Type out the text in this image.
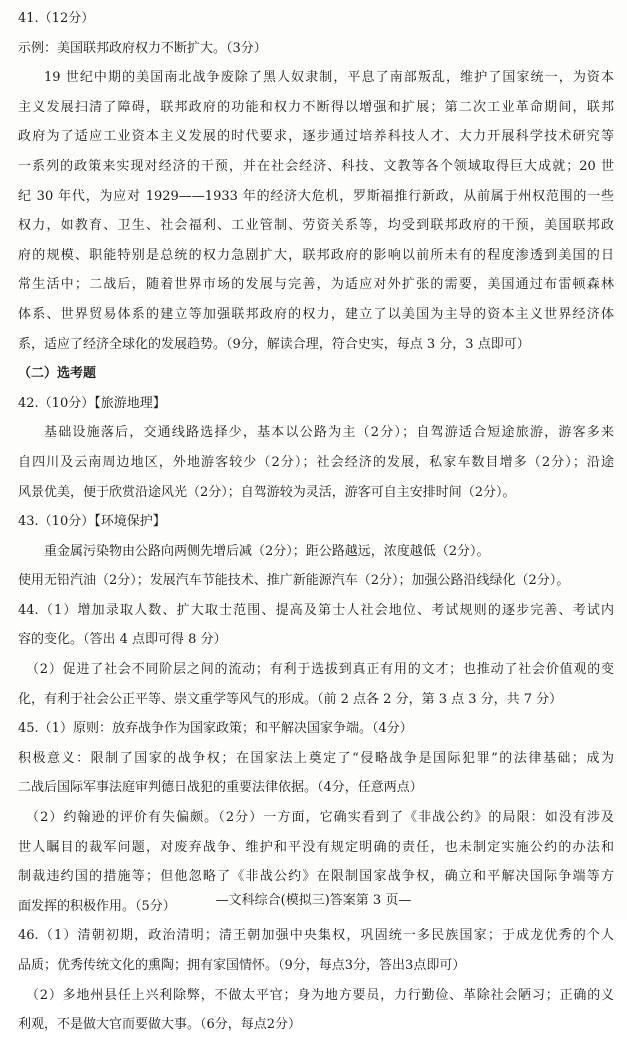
41.（12分）
示例：美国联邦政府权力不断扩大。（3分）
19 世纪中期的美国南北战争废除了黑人奴隶制，平息了南部叛乱，维护了国家统一，为资本
主义发展扫清了障碍，联邦政府的功能和权力不断得以增强和扩展；第二次工业革命期间，联邦
政府为了适应工业资本主义发展的时代要求，逐步通过培养科技人才、大力开展科学技术研究等
一系列的政策来实现对经济的干预，并在社会经济、科技、文教等各个领域取得巨大成就；20 世
纪 30 年代，为应对 1929——1933 年的经济大危机，罗斯福推行新政，从前属于州权范围的一些
权力，如教育、卫生、社会福利、工业管制、劳资关系等，均受到联邦政府的干预，美国联邦政
府的规模、职能特别是总统的权力急剧扩大，联邦政府的影响以前所未有的程度渗透到美国的日
常生活中；二战后，随着世界市场的发展与完善，为适应对外扩张的需要，美国通过布雷顿森林
体系、世界贸易体系的建立等加强联邦政府的权力，建立了以美国为主导的资本主义世界经济体
系，适应了经济全球化的发展趋势。（9分，解读合理，符合史实，每点 3 分，3 点即可）
（二）选考题
42.（10分）【旅游地理】
基础设施落后，交通线路选择少，基本以公路为主（2分）；自驾游适合短途旅游，游客多来
自四川及云南周边地区，外地游客较少（2分）；社会经济的发展，私家车数目增多（2分）；沿途
风景优美，便于欣赏沿途风光（2分）；自驾游较为灵活，游客可自主安排时间（2分）。
43.（10分）【环境保护】
重金属污染物由公路向两侧先增后减（2分）；距公路越远，浓度越低（2分）。
使用无铅汽油（2分）；发展汽车节能技术、推广新能源汽车（2分）；加强公路沿线绿化（2分）。
44.（1）增加录取人数、扩大取士范围、提高及第士人社会地位、考试规则的逐步完善、考试内
容的变化。（答出 4 点即可得 8 分）
（2）促进了社会不同阶层之间的流动；有利于选拔到真正有用的文才；也推动了社会价值观的变
化，有利于社会公正平等、崇文重学等风气的形成。（前 2 点各 2 分，第 3 点 3 分，共 7 分）
45.（1）原则：放弃战争作为国家政策；和平解决国家争端。（4分）
积极意义：限制了国家的战争权；在国家法上奠定了“侵略战争是国际犯罪”的法律基础；成为
二战后国际军事法庭审判德日战犯的重要法律依据。（4分，任意两点）
（2）约翰逊的评价有失偏颇。（2分）一方面，它确实看到了《非战公约》的局限：如没有涉及
世人瞩目的裁军问题，对废弃战争、维护和平没有规定明确的责任，也未制定实施公约的办法和
制裁违约国的措施等；但他忽略了《非战公约》在限制国家战争权，确立和平解决国际争端等方
面发挥的积极作用。（5分）
46.（1）清朝初期，政治清明；清王朝加强中央集权，巩固统一多民族国家；于成龙优秀的个人
品质；优秀传统文化的熏陶；拥有家国情怀。（9分，每点3分，答出3点即可）
（2）多地州县任上兴利除弊，不做太平官；身为地方要员，力行勤俭、革除社会陋习；正确的义
利观，不是做大官而要做大事。（6分，每点2分）
—文科综合(模拟三)答案第 3 页—
